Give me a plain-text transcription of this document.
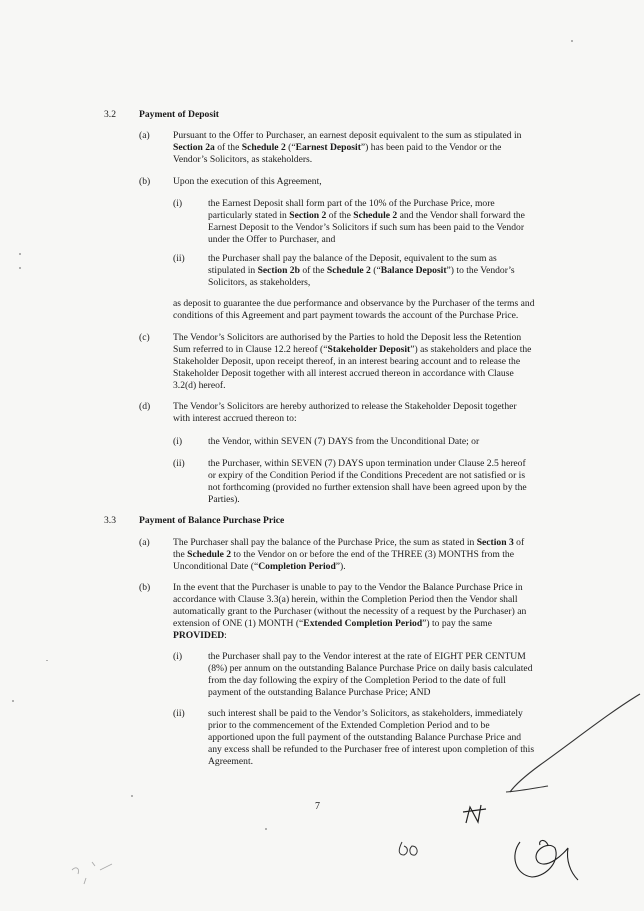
3.2 Payment of Deposit
(a) Pursuant to the Offer to Purchaser, an earnest deposit equivalent to the sum as stipulated in
Section 2a of the Schedule 2 (“Earnest Deposit”) has been paid to the Vendor or the
Vendor’s Solicitors, as stakeholders.
(b) Upon the execution of this Agreement,
(i)	the Earnest Deposit shall form part of the 10% of the Purchase Price, more
particularly stated in Section 2 of the Schedule 2 and the Vendor shall forward the
Earnest Deposit to the Vendor’s Solicitors if such sum has been paid to the Vendor
under the Offer to Purchaser, and
(ii) the Purchaser shall pay the balance of the Deposit, equivalent to the sum as
stipulated in Section 2b of the Schedule 2 (“Balance Deposit”) to the Vendor’s
Solicitors, as stakeholders,
as deposit to guarantee the due performance and observance by the Purchaser of the terms and
conditions of this Agreement and part payment towards the account of the Purchase Price.
(c) The Vendor’s Solicitors are authorised by the Parties to hold the Deposit less the Retention
Sum referred to in Clause 12.2 hereof (“Stakeholder Deposit”) as stakeholders and place the
Stakeholder Deposit, upon receipt thereof, in an interest bearing account and to release the
Stakeholder Deposit together with all interest accrued thereon in accordance with Clause
3.2(d) hereof.
(d) The Vendor’s Solicitors are hereby authorized to release the Stakeholder Deposit together
with interest accrued thereon to:
(i)	the Vendor, within SEVEN (7) DAYS from the Unconditional Date; or
(ii) the Purchaser, within SEVEN (7) DAYS upon termination under Clause 2.5 hereof
or expiry of the Condition Period if the Conditions Precedent are not satisfied or is
not forthcoming (provided no further extension shall have been agreed upon by the
Parties).
3.3 Payment of Balance Purchase Price
(a) The Purchaser shall pay the balance of the Purchase Price, the sum as stated in Section 3 of
the Schedule 2 to the Vendor on or before the end of the THREE (3) MONTHS from the
Unconditional Date (“Completion Period”).
(b) In the event that the Purchaser is unable to pay to the Vendor the Balance Purchase Price in
accordance with Clause 3.3(a) herein, within the Completion Period then the Vendor shall
automatically grant to the Purchaser (without the necessity of a request by the Purchaser) an
extension of ONE (1) MONTH (“Extended Completion Period”) to pay the same
PROVIDED:
(i)	the Purchaser shall pay to the Vendor interest at the rate of EIGHT PER CENTUM
(8%) per annum on the outstanding Balance Purchase Price on daily basis calculated
from the day following the expiry of the Completion Period to the date of full
payment of the outstanding Balance Purchase Price; AND
(ii) such interest shall be paid to the Vendor’s Solicitors, as stakeholders, immediately
prior to the commencement of the Extended Completion Period and to be
apportioned upon the full payment of the outstanding Balance Purchase Price and
any excess shall be refunded to the Purchaser free of interest upon completion of this
Agreement.
7
